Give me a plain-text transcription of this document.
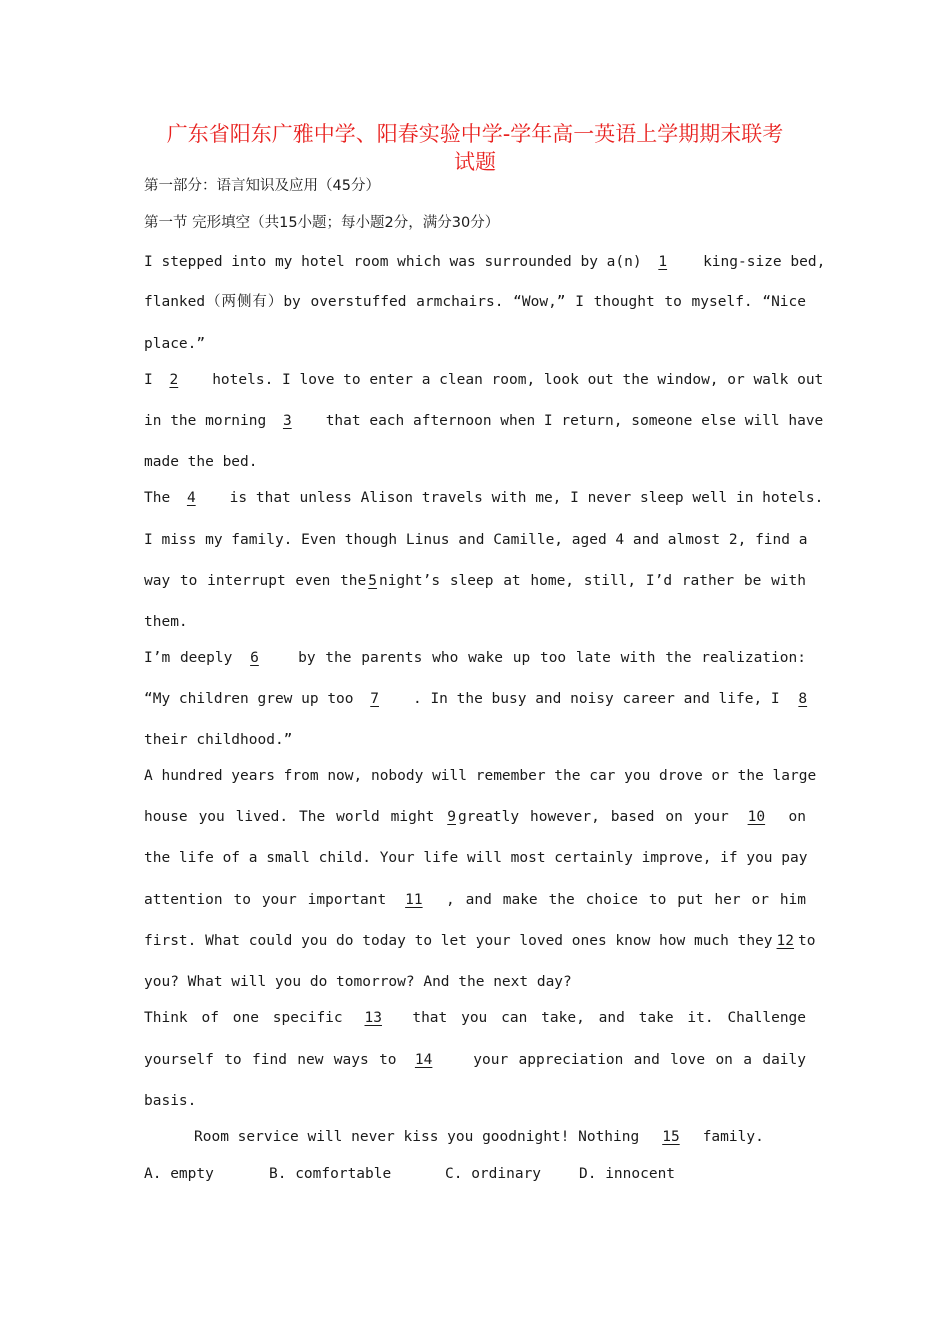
广东省阳东广雅中学、阳春实验中学-学年高一英语上学期期末联考
试题
第一部分：语言知识及应用（45分）
第一节 完形填空（共15小题；每小题2分，满分30分）
I stepped into my hotel room which was surrounded by a(n) 1 king-size bed,
flanked（两侧有）by overstuffed armchairs. “Wow,” I thought to myself. “Nice
place.”
I 2 hotels. I love to enter a clean room, look out the window, or walk out
in the morning 3 that each afternoon when I return, someone else will have
made the bed.
The 4 is that unless Alison travels with me, I never sleep well in hotels.
I miss my family. Even though Linus and Camille, aged 4 and almost 2, find a
way to interrupt even the 5 night’s sleep at home, still, I’d rather be with
them.
I’m deeply 6	by the parents who wake up too late with the realization:
“My children grew up too 7 . In the busy and noisy career and life, I 8
their childhood.”
A hundred years from now, nobody will remember the car you drove or the large
house you lived. The world might 9 greatly however, based on your 10 on
the life of a small child. Your life will most certainly improve, if you pay
attention to your important 11 , and make the choice to put her or him
first. What could you do today to let your loved ones know how much they 12 to
you? What will you do tomorrow? And the next day?
Think of one specific 13 that you can take, and take it. Challenge
yourself to find new ways to 14	your appreciation and love on a daily
basis.
Room service will never kiss you goodnight! Nothing 15 family.
A. empty	B. comfortable	C. ordinary	D. innocent
